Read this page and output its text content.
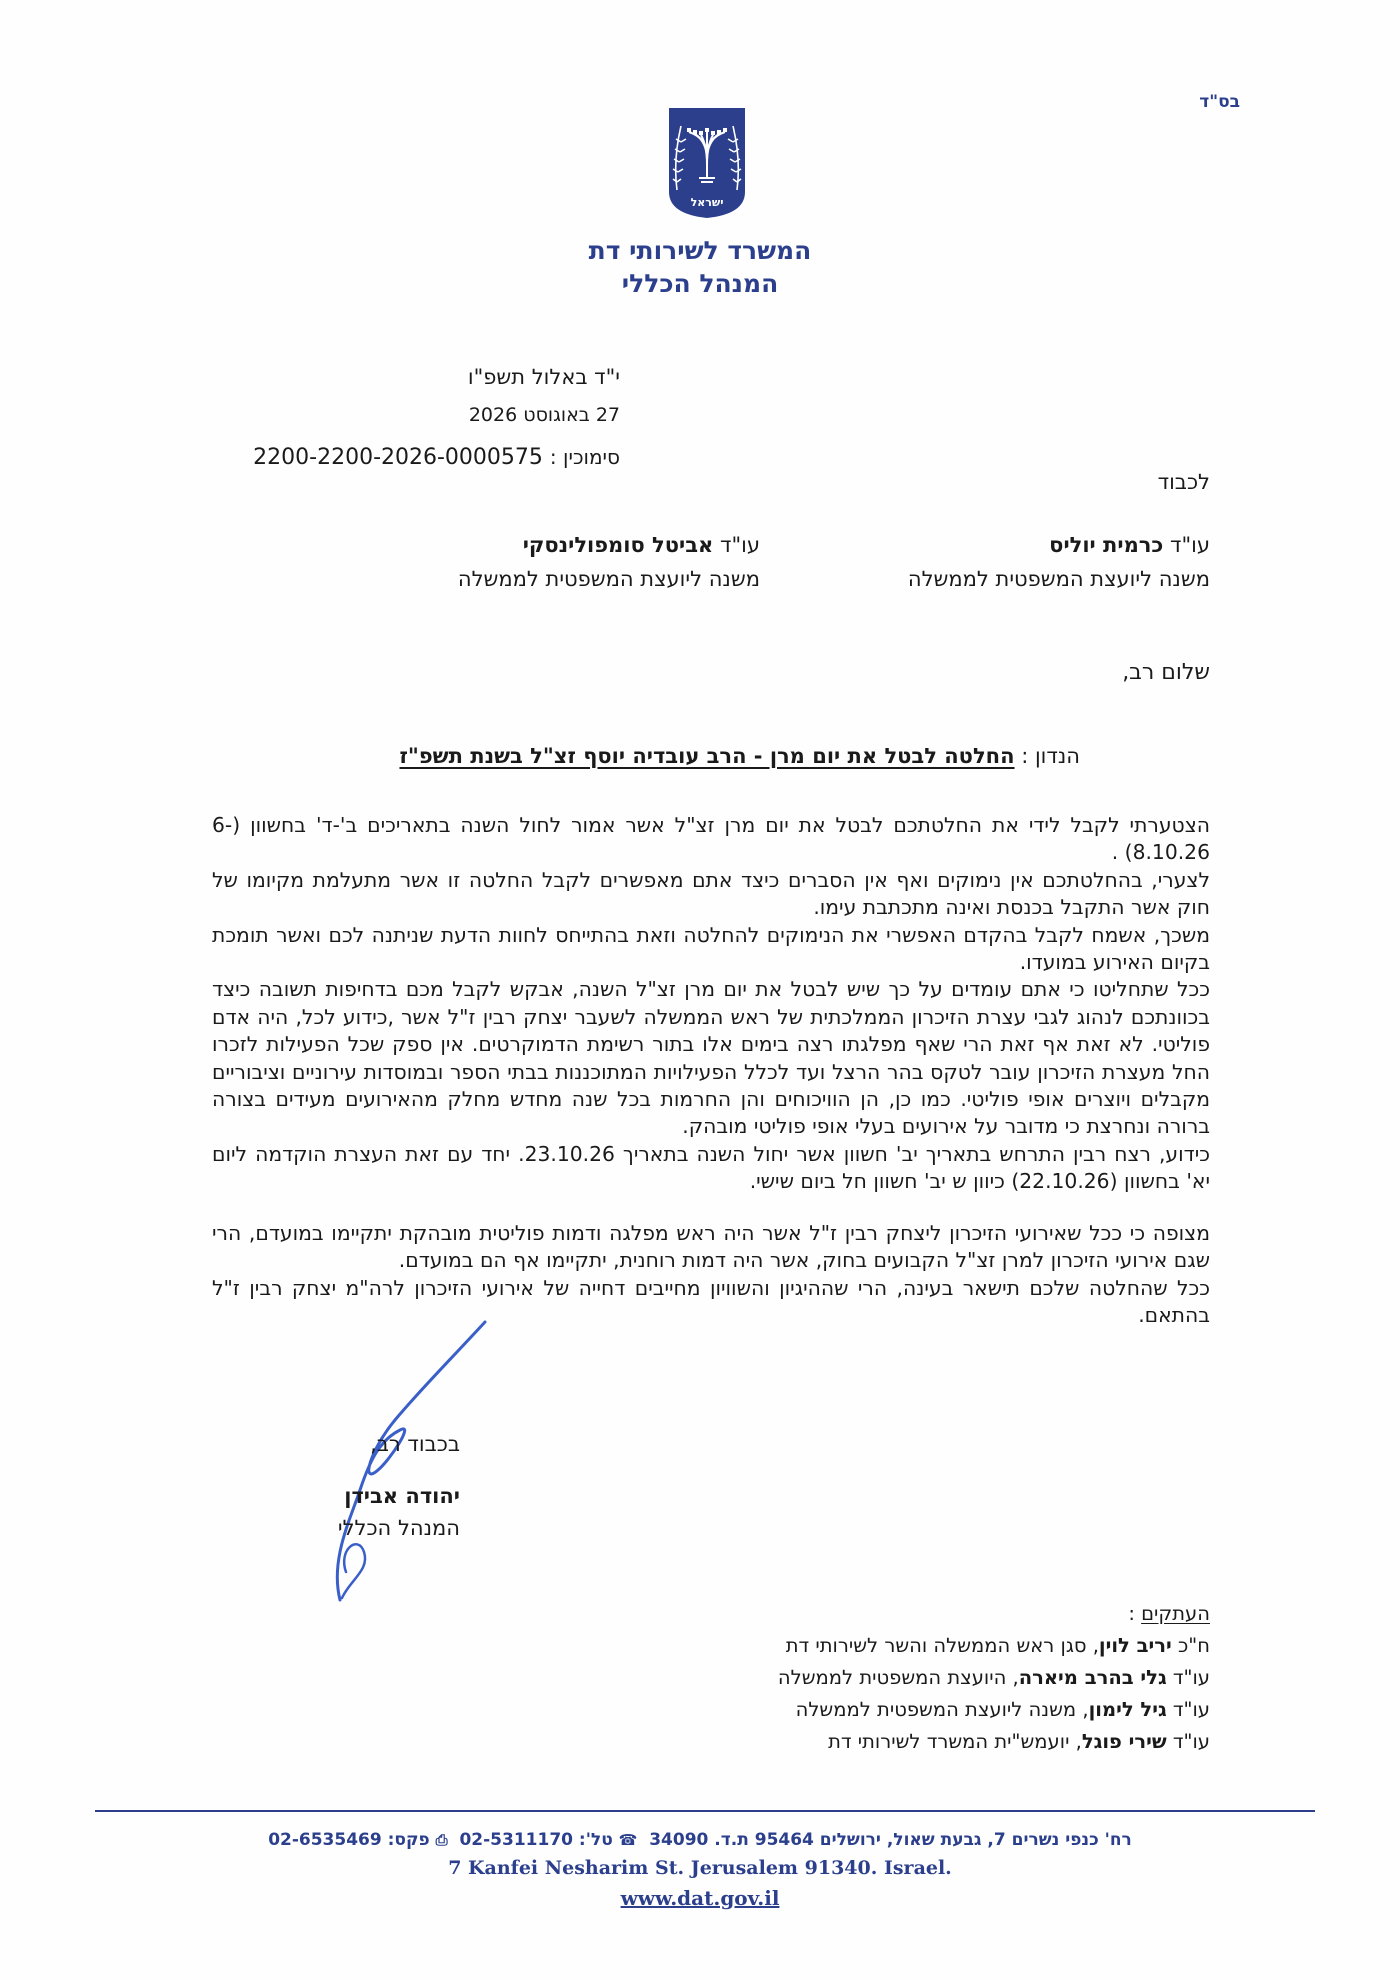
בס"ד
ישראל
המשרד לשירותי דת
המנהל הכללי
י"ד באלול תשפ"ו
27 באוגוסט 2026
סימוכין : 2200-2200-2026-0000575
לכבוד
עו"ד כרמית יוליס
משנה ליועצת המשפטית לממשלה
עו"ד אביטל סומפולינסקי
משנה ליועצת המשפטית לממשלה
שלום רב,
הנדון : החלטה לבטל את יום מרן - הרב עובדיה יוסף זצ"ל בשנת תשפ"ז

הצטערתי לקבל לידי את החלטתכם לבטל את יום מרן זצ"ל אשר אמור לחול השנה בתאריכים ב'-ד' בחשוון (6-8.10.26) .

לצערי, בהחלטתכם אין נימוקים ואף אין הסברים כיצד אתם מאפשרים לקבל החלטה זו אשר מתעלמת מקיומו של חוק אשר התקבל בכנסת ואינה מתכתבת עימו.

משכך, אשמח לקבל בהקדם האפשרי את הנימוקים להחלטה וזאת בהתייחס לחוות הדעת שניתנה לכם ואשר תומכת בקיום האירוע במועדו.

ככל שתחליטו כי אתם עומדים על כך שיש לבטל את יום מרן זצ"ל השנה, אבקש לקבל מכם בדחיפות תשובה כיצד בכוונתכם לנהוג לגבי עצרת הזיכרון הממלכתית של ראש הממשלה לשעבר יצחק רבין ז"ל אשר ,כידוע לכל, היה אדם פוליטי. לא זאת אף זאת הרי שאף מפלגתו רצה בימים אלו בתור רשימת הדמוקרטים. אין ספק שכל הפעילות לזכרו החל מעצרת הזיכרון עובר לטקס בהר הרצל ועד לכלל הפעילויות המתוכננות בבתי הספר ובמוסדות עירוניים וציבוריים מקבלים ויוצרים אופי פוליטי. כמו כן, הן הוויכוחים והן החרמות בכל שנה מחדש מחלק מהאירועים מעידים בצורה ברורה ונחרצת כי מדובר על אירועים בעלי אופי פוליטי מובהק.

כידוע, רצח רבין התרחש בתאריך יב' חשוון אשר יחול השנה בתאריך 23.10.26. יחד עם זאת העצרת הוקדמה ליום יא' בחשוון (22.10.26) כיוון ש יב' חשוון חל ביום שישי.

מצופה כי ככל שאירועי הזיכרון ליצחק רבין ז"ל אשר היה ראש מפלגה ודמות פוליטית מובהקת יתקיימו במועדם, הרי שגם אירועי הזיכרון למרן זצ"ל הקבועים בחוק, אשר היה דמות רוחנית, יתקיימו אף הם במועדם.

ככל שהחלטה שלכם תישאר בעינה, הרי שההיגיון והשוויון מחייבים דחייה של אירועי הזיכרון לרה"מ יצחק רבין ז"ל בהתאם.

בכבוד רב,
יהודה אבידן
המנהל הכללי
העתקים :
ח"כ יריב לוין, סגן ראש הממשלה והשר לשירותי דת
עו"ד גלי בהרב מיארה, היועצת המשפטית לממשלה
עו"ד גיל לימון, משנה ליועצת המשפטית לממשלה
עו"ד שירי פוגל, יועמש"ית המשרד לשירותי דת
רח' כנפי נשרים 7, גבעת שאול, ירושלים 95464 ת.ד. 34090  ☎ טל': 02-5311170  ⎙ פקס: 02-6535469
7 Kanfei Nesharim St. Jerusalem 91340. Israel.
www.dat.gov.il
